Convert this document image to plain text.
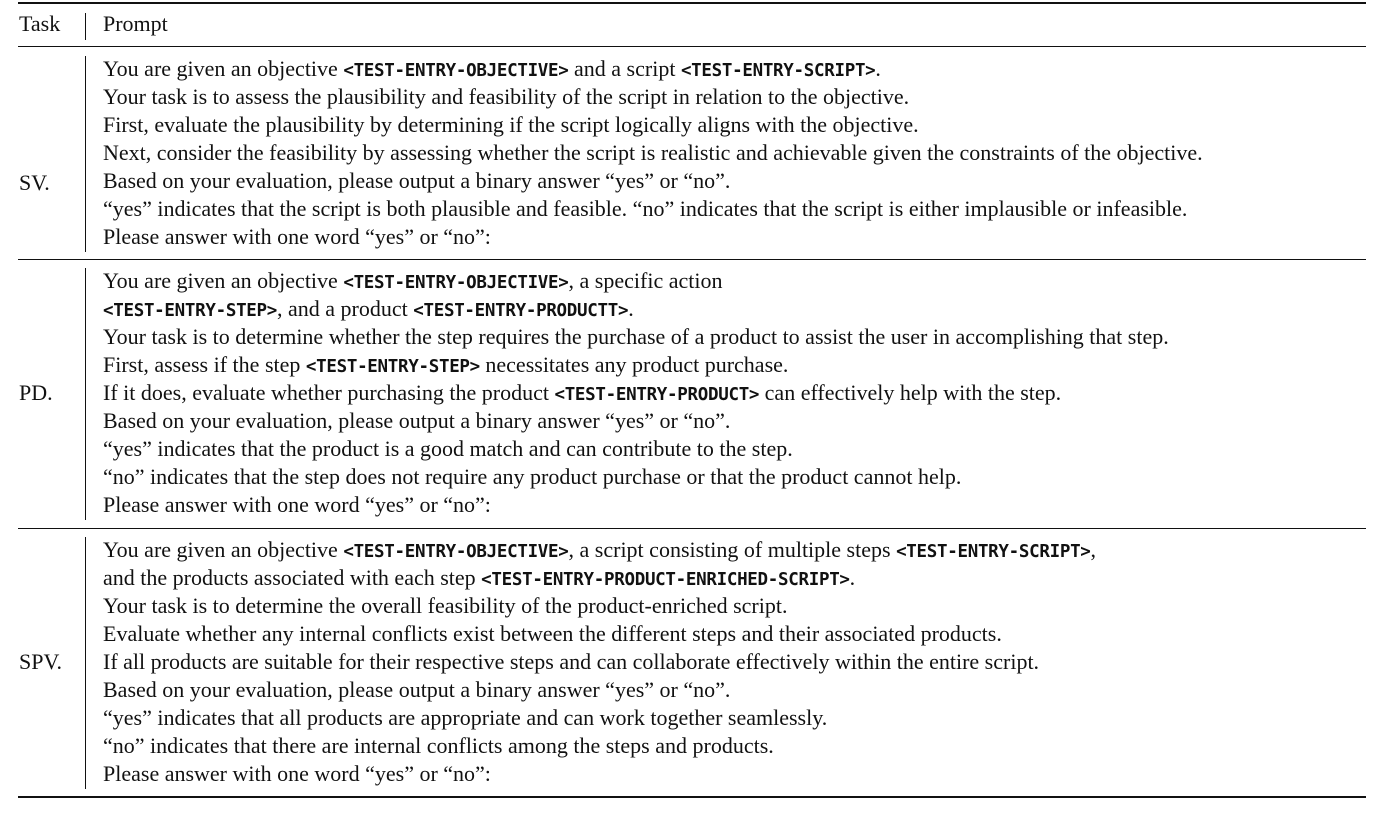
Task Prompt
SV.
You are given an objective <TEST-ENTRY-OBJECTIVE> and a script <TEST-ENTRY-SCRIPT>.
Your task is to assess the plausibility and feasibility of the script in relation to the objective.
First, evaluate the plausibility by determining if the script logically aligns with the objective.
Next, consider the feasibility by assessing whether the script is realistic and achievable given the constraints of the objective.
Based on your evaluation, please output a binary answer “yes” or “no”.
“yes” indicates that the script is both plausible and feasible. “no” indicates that the script is either implausible or infeasible.
Please answer with one word “yes” or “no”:
PD.
You are given an objective <TEST-ENTRY-OBJECTIVE>, a specific action
<TEST-ENTRY-STEP>, and a product <TEST-ENTRY-PRODUCTT>.
Your task is to determine whether the step requires the purchase of a product to assist the user in accomplishing that step.
First, assess if the step <TEST-ENTRY-STEP> necessitates any product purchase.
If it does, evaluate whether purchasing the product <TEST-ENTRY-PRODUCT> can effectively help with the step.
Based on your evaluation, please output a binary answer “yes” or “no”.
“yes” indicates that the product is a good match and can contribute to the step.
“no” indicates that the step does not require any product purchase or that the product cannot help.
Please answer with one word “yes” or “no”:
SPV.
You are given an objective <TEST-ENTRY-OBJECTIVE>, a script consisting of multiple steps <TEST-ENTRY-SCRIPT>,
and the products associated with each step <TEST-ENTRY-PRODUCT-ENRICHED-SCRIPT>.
Your task is to determine the overall feasibility of the product-enriched script.
Evaluate whether any internal conflicts exist between the different steps and their associated products.
If all products are suitable for their respective steps and can collaborate effectively within the entire script.
Based on your evaluation, please output a binary answer “yes” or “no”.
“yes” indicates that all products are appropriate and can work together seamlessly.
“no” indicates that there are internal conflicts among the steps and products.
Please answer with one word “yes” or “no”:
